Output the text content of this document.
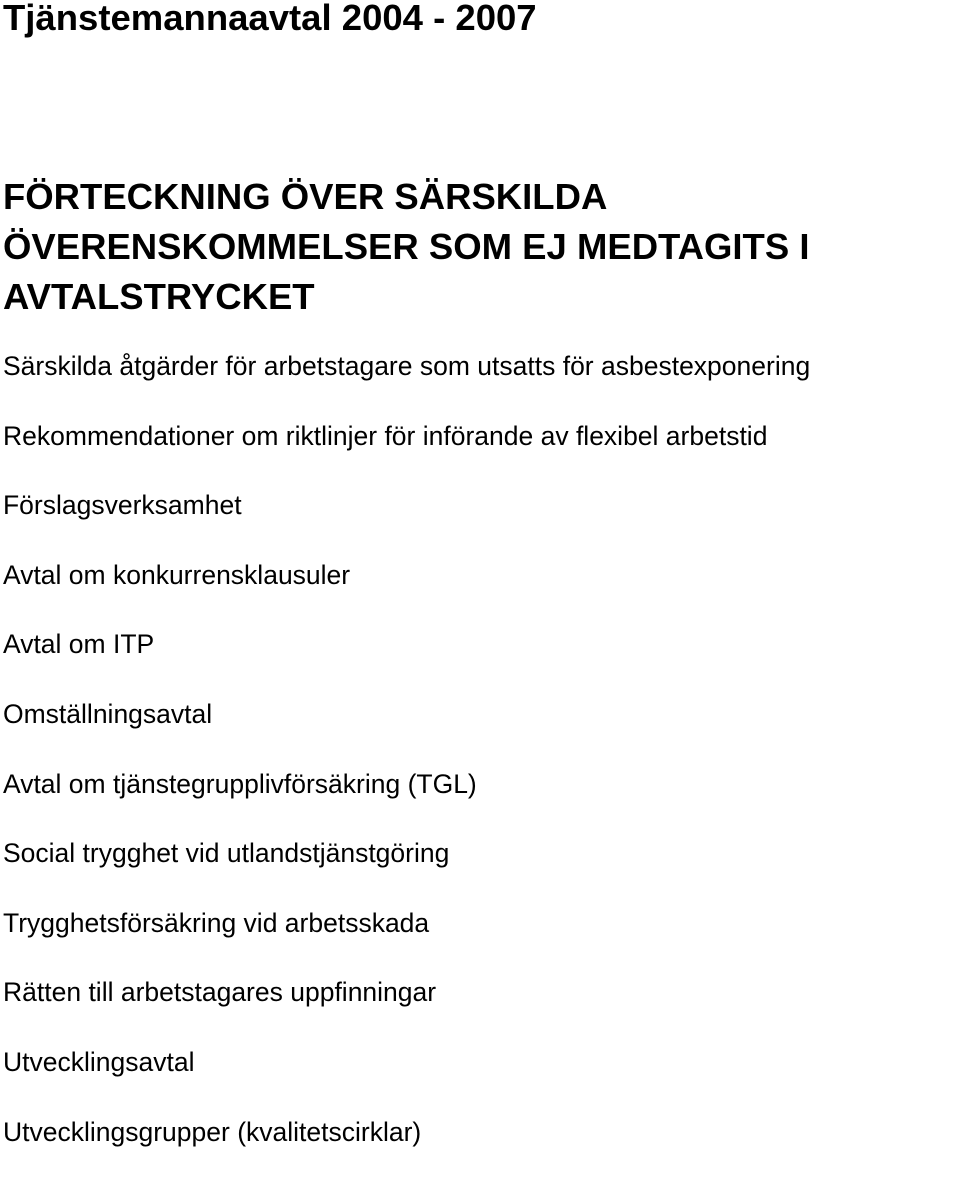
Tjänstemannaavtal 2004 - 2007
FÖRTECKNING ÖVER SÄRSKILDA ÖVERENSKOMMELSER SOM EJ MEDTAGITS I AVTALSTRYCKET
Särskilda åtgärder för arbetstagare som utsatts för asbestexponering
Rekommendationer om riktlinjer för införande av flexibel arbetstid
Förslagsverksamhet
Avtal om konkurrensklausuler
Avtal om ITP
Omställningsavtal
Avtal om tjänstegrupplivförsäkring (TGL)
Social trygghet vid utlandstjänstgöring
Trygghetsförsäkring vid arbetsskada
Rätten till arbetstagares uppfinningar
Utvecklingsavtal
Utvecklingsgrupper (kvalitetscirklar)
